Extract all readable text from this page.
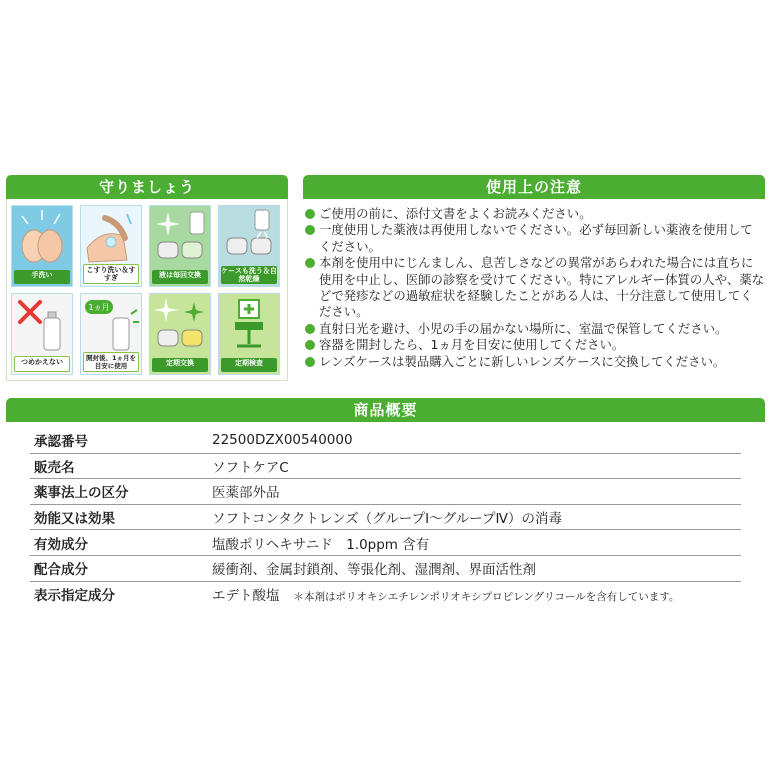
守りましょう	使用上の注意
商品概要
手洗い
こすり洗い＆すすぎ	液は毎回交換	ケースも洗う＆自然乾燥
つめかえない
1ヵ月
開封後、1ヵ月を目安に使用	定期交換	定期検査

ご使用の前に、添付文書をよくお読みください。

一度使用した薬液は再使用しないでください。必ず毎回新しい薬液を使用してください。

本剤を使用中にじんましん、息苦しさなどの異常があらわれた場合には直ちに使用を中止し、医師の診察を受けてください。特にアレルギー体質の人や、薬などで発疹などの過敏症状を経験したことがある人は、十分注意して使用してください。

直射日光を避け、小児の手の届かない場所に、室温で保管してください。

容器を開封したら、1ヵ月を目安に使用してください。

レンズケースは製品購入ごとに新しいレンズケースに交換してください。

承認番号	22500DZX00540000
販売名	ソフトケアC
薬事法上の区分	医薬部外品
効能又は効果	ソフトコンタクトレンズ（グループⅠ～グループⅣ）の消毒
有効成分	塩酸ポリヘキサニド　1.0ppm 含有
配合成分	緩衝剤、金属封鎖剤、等張化剤、湿潤剤、界面活性剤
表示指定成分	エデト酸塩 ＊本剤はポリオキシエチレンポリオキシプロピレングリコールを含有しています。
